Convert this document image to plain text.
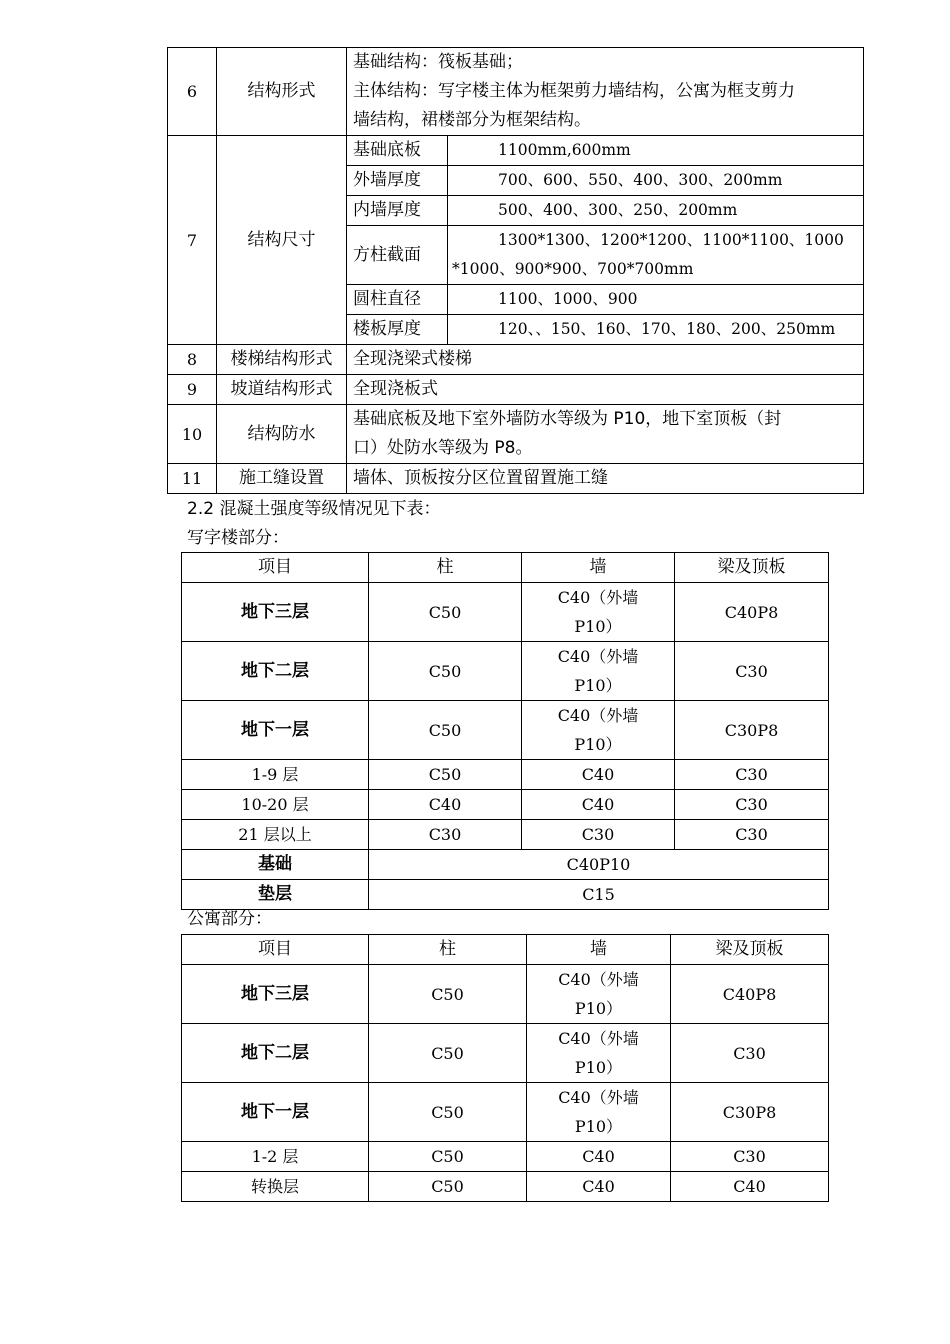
6	结构形式	基础结构：筏板基础；
主体结构：写字楼主体为框架剪力墙结构，公寓为框支剪力
墙结构，裙楼部分为框架结构。	

7	结构尺寸	基础底板	1100mm,600mm
		外墙厚度	700、600、550、400、300、200mm
		内墙厚度	500、400、300、250、200mm
		方柱截面	1300*1300、1200*1200、1100*1100、1000
*1000、900*900、700*700mm

		圆柱直径	1100、1000、900
		楼板厚度	120、、150、160、170、180、200、250mm

8	楼梯结构形式	全现浇梁式楼梯	
9	坡道结构形式	全现浇板式	
10	结构防水	基础底板及地下室外墙防水等级为 P10，地下室顶板（封
口）处防水等级为 P8。	

11	施工缝设置	墙体、顶板按分区位置留置施工缝	
2.2 混凝土强度等级情况见下表：
写字楼部分：
项目	柱	墙	梁及顶板
地下三层	C50	C40（外墙
P10）	C40P8
地下二层	C50	C40（外墙
P10）	C30
地下一层	C50	C40（外墙
P10）	C30P8
1-9 层	C50	C40	C30
10-20 层	C40	C40	C30
21 层以上	C30	C30	C30
基础	C40P10		
垫层	C15		
公寓部分：
项目	柱	墙	梁及顶板
地下三层	C50	C40（外墙
P10）	C40P8
地下二层	C50	C40（外墙
P10）	C30
地下一层	C50	C40（外墙
P10）	C30P8
1-2 层	C50	C40	C30
转换层	C50	C40	C40
